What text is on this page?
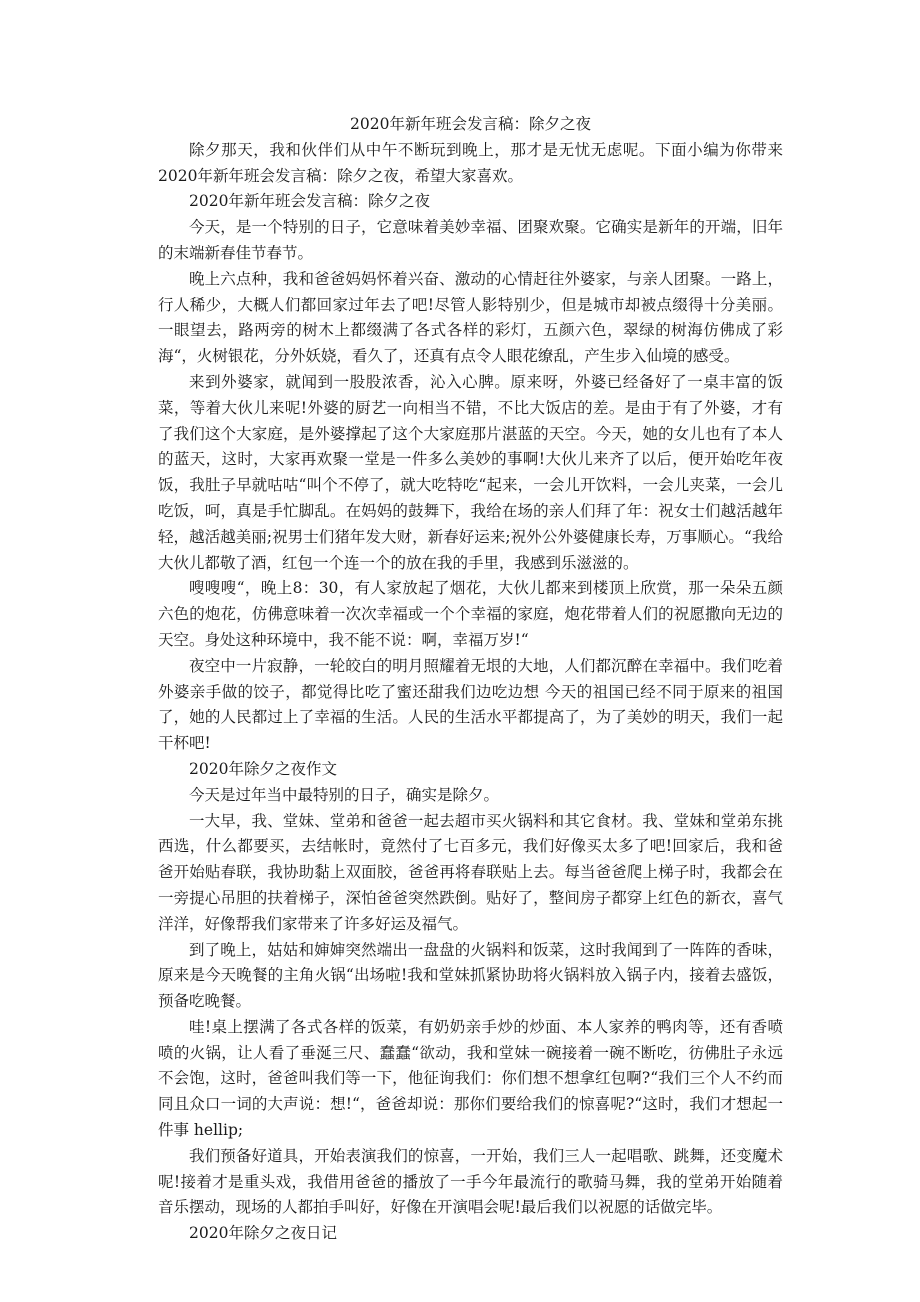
2020年新年班会发言稿：除夕之夜

除夕那天，我和伙伴们从中午不断玩到晚上，那才是无忧无虑呢。下面小编为你带来2020年新年班会发言稿：除夕之夜，希望大家喜欢。

2020年新年班会发言稿：除夕之夜

今天，是一个特别的日子，它意味着美妙幸福、团聚欢聚。它确实是新年的开端，旧年的末端新春佳节春节。

晚上六点种，我和爸爸妈妈怀着兴奋、激动的心情赶往外婆家，与亲人团聚。一路上，行人稀少，大概人们都回家过年去了吧!尽管人影特别少，但是城市却被点缀得十分美丽。一眼望去，路两旁的树木上都缀满了各式各样的彩灯，五颜六色，翠绿的树海仿佛成了彩海“，火树银花，分外妖娆，看久了，还真有点令人眼花缭乱，产生步入仙境的感受。

来到外婆家，就闻到一股股浓香，沁入心脾。原来呀，外婆已经备好了一桌丰富的饭菜，等着大伙儿来呢!外婆的厨艺一向相当不错，不比大饭店的差。是由于有了外婆，才有了我们这个大家庭，是外婆撑起了这个大家庭那片湛蓝的天空。今天，她的女儿也有了本人的蓝天，这时，大家再欢聚一堂是一件多么美妙的事啊!大伙儿来齐了以后，便开始吃年夜饭，我肚子早就咕咕“叫个不停了，就大吃特吃“起来，一会儿开饮料，一会儿夹菜，一会儿吃饭，呵，真是手忙脚乱。在妈妈的鼓舞下，我给在场的亲人们拜了年：祝女士们越活越年轻，越活越美丽;祝男士们猪年发大财，新春好运来;祝外公外婆健康长寿，万事顺心。“我给大伙儿都敬了酒，红包一个连一个的放在我的手里，我感到乐滋滋的。

嗖嗖嗖“，晚上8：30，有人家放起了烟花，大伙儿都来到楼顶上欣赏，那一朵朵五颜六色的炮花，仿佛意味着一次次幸福或一个个幸福的家庭，炮花带着人们的祝愿撒向无边的天空。身处这种环境中，我不能不说：啊，幸福万岁!“

夜空中一片寂静，一轮皎白的明月照耀着无垠的大地，人们都沉醉在幸福中。我们吃着外婆亲手做的饺子，都觉得比吃了蜜还甜我们边吃边想 今天的祖国已经不同于原来的祖国了，她的人民都过上了幸福的生活。人民的生活水平都提高了，为了美妙的明天，我们一起干杯吧!

2020年除夕之夜作文

今天是过年当中最特别的日子，确实是除夕。

一大早，我、堂妹、堂弟和爸爸一起去超市买火锅料和其它食材。我、堂妹和堂弟东挑西选，什么都要买，去结帐时，竟然付了七百多元，我们好像买太多了吧!回家后，我和爸爸开始贴春联，我协助黏上双面胶，爸爸再将春联贴上去。每当爸爸爬上梯子时，我都会在一旁提心吊胆的扶着梯子，深怕爸爸突然跌倒。贴好了，整间房子都穿上红色的新衣，喜气洋洋，好像帮我们家带来了许多好运及福气。

到了晚上，姑姑和婶婶突然端出一盘盘的火锅料和饭菜，这时我闻到了一阵阵的香味，原来是今天晚餐的主角火锅“出场啦!我和堂妹抓紧协助将火锅料放入锅子内，接着去盛饭，预备吃晚餐。

哇!桌上摆满了各式各样的饭菜，有奶奶亲手炒的炒面、本人家养的鸭肉等，还有香喷喷的火锅，让人看了垂涎三尺、蠢蠢“欲动，我和堂妹一碗接着一碗不断吃，彷佛肚子永远不会饱，这时，爸爸叫我们等一下，他征询我们：你们想不想拿红包啊?“我们三个人不约而同且众口一词的大声说：想!“，爸爸却说：那你们要给我们的惊喜呢?“这时，我们才想起一件事 hellip;

我们预备好道具，开始表演我们的惊喜，一开始，我们三人一起唱歌、跳舞，还变魔术呢!接着才是重头戏，我借用爸爸的播放了一手今年最流行的歌骑马舞，我的堂弟开始随着音乐摆动，现场的人都拍手叫好，好像在开演唱会呢!最后我们以祝愿的话做完毕。

2020年除夕之夜日记
